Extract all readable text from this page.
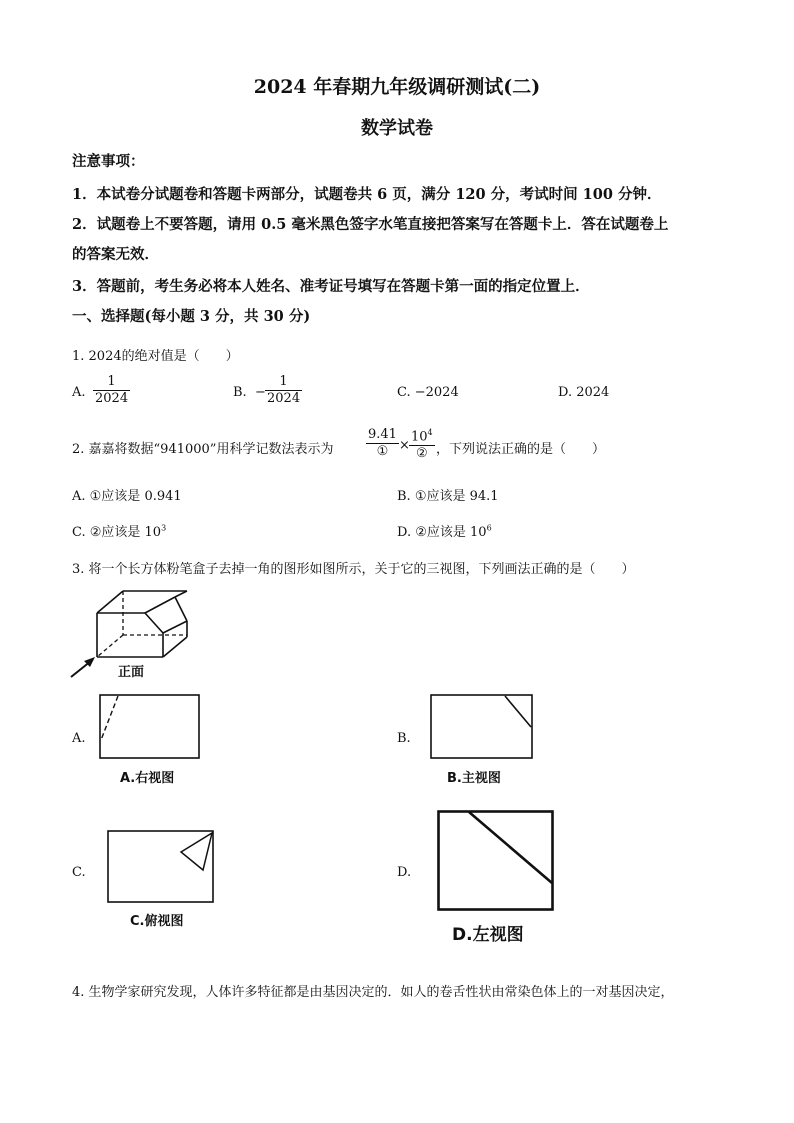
2024 年春期九年级调研测试(二)
数学试卷
注意事项：
1．本试卷分试题卷和答题卡两部分，试题卷共 6 页，满分 120 分，考试时间 100 分钟．
2．试题卷上不要答题，请用 0.5 毫米黑色签字水笔直接把答案写在答题卡上．答在试题卷上
的答案无效．
3．答题前，考生务必将本人姓名、准考证号填写在答题卡第一面的指定位置上．
一、选择题(每小题 3 分，共 30 分)
1. 2024的绝对值是（　　）
A. $\frac{1}{2024}$	B. − $\frac{1}{2024}$	C. −2024	D. 2024
2. 嘉嘉将数据“941000”用科学记数法表示为
9.41
① ×
$10^4$
② ，下列说法正确的是（　　）
A. ①应该是 0.941	B. ①应该是 94.1
C. ②应该是 $10^3$	D. ②应该是 $10^6$
3. 将一个长方体粉笔盒子去掉一角的图形如图所示，关于它的三视图，下列画法正确的是（　　）
正面
A.
A.右视图
B.
B.主视图
C.
C.俯视图
D.
D.左视图
4. 生物学家研究发现，人体许多特征都是由基因决定的．如人的卷舌性状由常染色体上的一对基因决定，
